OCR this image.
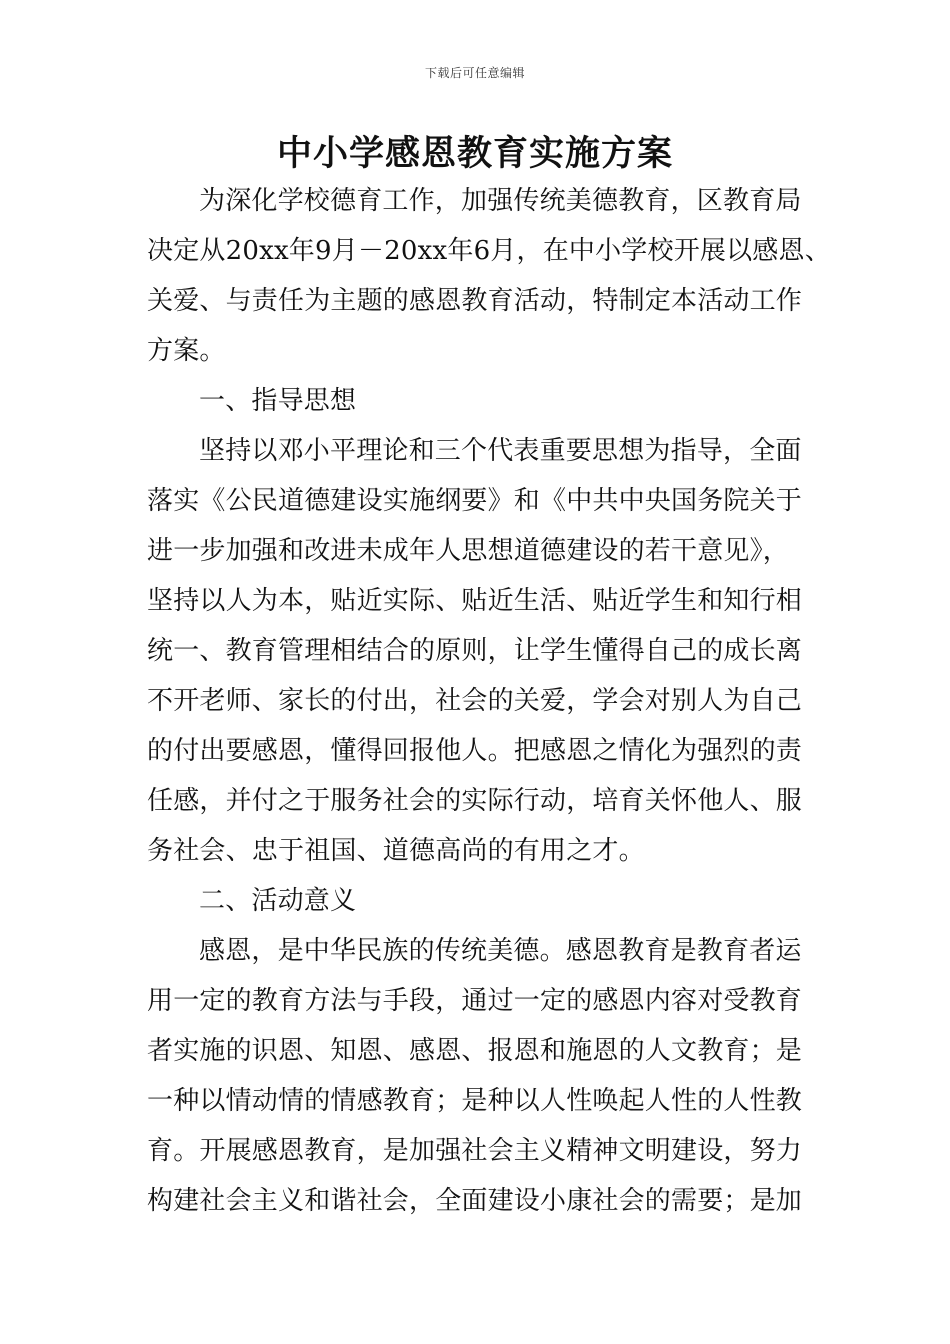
下载后可任意编辑
中小学感恩教育实施方案
为深化学校德育工作，加强传统美德教育，区教育局
决定从20xx年9月－20xx年6月，在中小学校开展以感恩、
关爱、与责任为主题的感恩教育活动，特制定本活动工作
方案。
一、指导思想
坚持以邓小平理论和三个代表重要思想为指导，全面
落实《公民道德建设实施纲要》和《中共中央国务院关于
进一步加强和改进未成年人思想道德建设的若干意见》，
坚持以人为本，贴近实际、贴近生活、贴近学生和知行相
统一、教育管理相结合的原则，让学生懂得自己的成长离
不开老师、家长的付出，社会的关爱，学会对别人为自己
的付出要感恩，懂得回报他人。把感恩之情化为强烈的责
任感，并付之于服务社会的实际行动，培育关怀他人、服
务社会、忠于祖国、道德高尚的有用之才。
二、活动意义
感恩，是中华民族的传统美德。感恩教育是教育者运
用一定的教育方法与手段，通过一定的感恩内容对受教育
者实施的识恩、知恩、感恩、报恩和施恩的人文教育；是
一种以情动情的情感教育；是种以人性唤起人性的人性教
育。开展感恩教育，是加强社会主义精神文明建设，努力
构建社会主义和谐社会，全面建设小康社会的需要；是加
